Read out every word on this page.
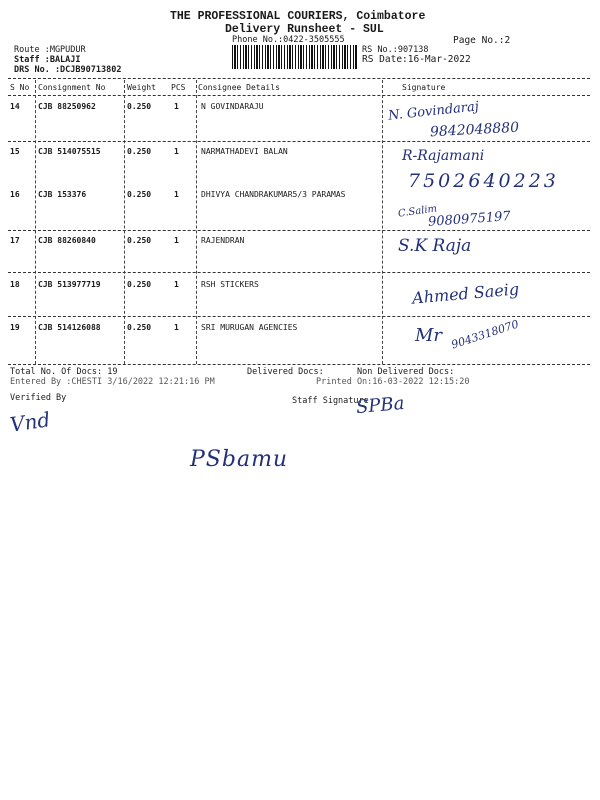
THE PROFESSIONAL COURIERS, Coimbatore
Delivery Runsheet - SUL
Phone No.:0422-3505555	Page No.:2
Route :MGPUDUR
Staff :BALAJI
DRS No. :DCJB90713802
RS No.:907138
RS Date:16-Mar-2022
S No Consignment No	Weight PCS Consignee Details	Signature
14 CJB 88250962	0.250	1	N GOVINDARAJU	N. Govindaraj
9842048880
15 CJB 514075515	0.250	1	NARMATHADEVI BALAN	R-Rajamani
7502640223
16 CJB 153376	0.250	1	DHIVYA CHANDRAKUMAR5/3 PARAMAS
C.Salim
9080975197
17 CJB 88260840	0.250	1	RAJENDRAN	S.K Raja
18 CJB 513977719	0.250	1	RSH STICKERS	Ahmed Saeig
19 CJB 514126088	0.250	1	SRI MURUGAN AGENCIES	Mr 9043318070
Total No. Of Docs: 19	Delivered Docs:	Non Delivered Docs:
Entered By :CHESTI 3/16/2022 12:21:16 PM	Printed On:16-03-2022 12:15:20
Verified By	Staff Signature
Vnd
SPBa
PSbamu
